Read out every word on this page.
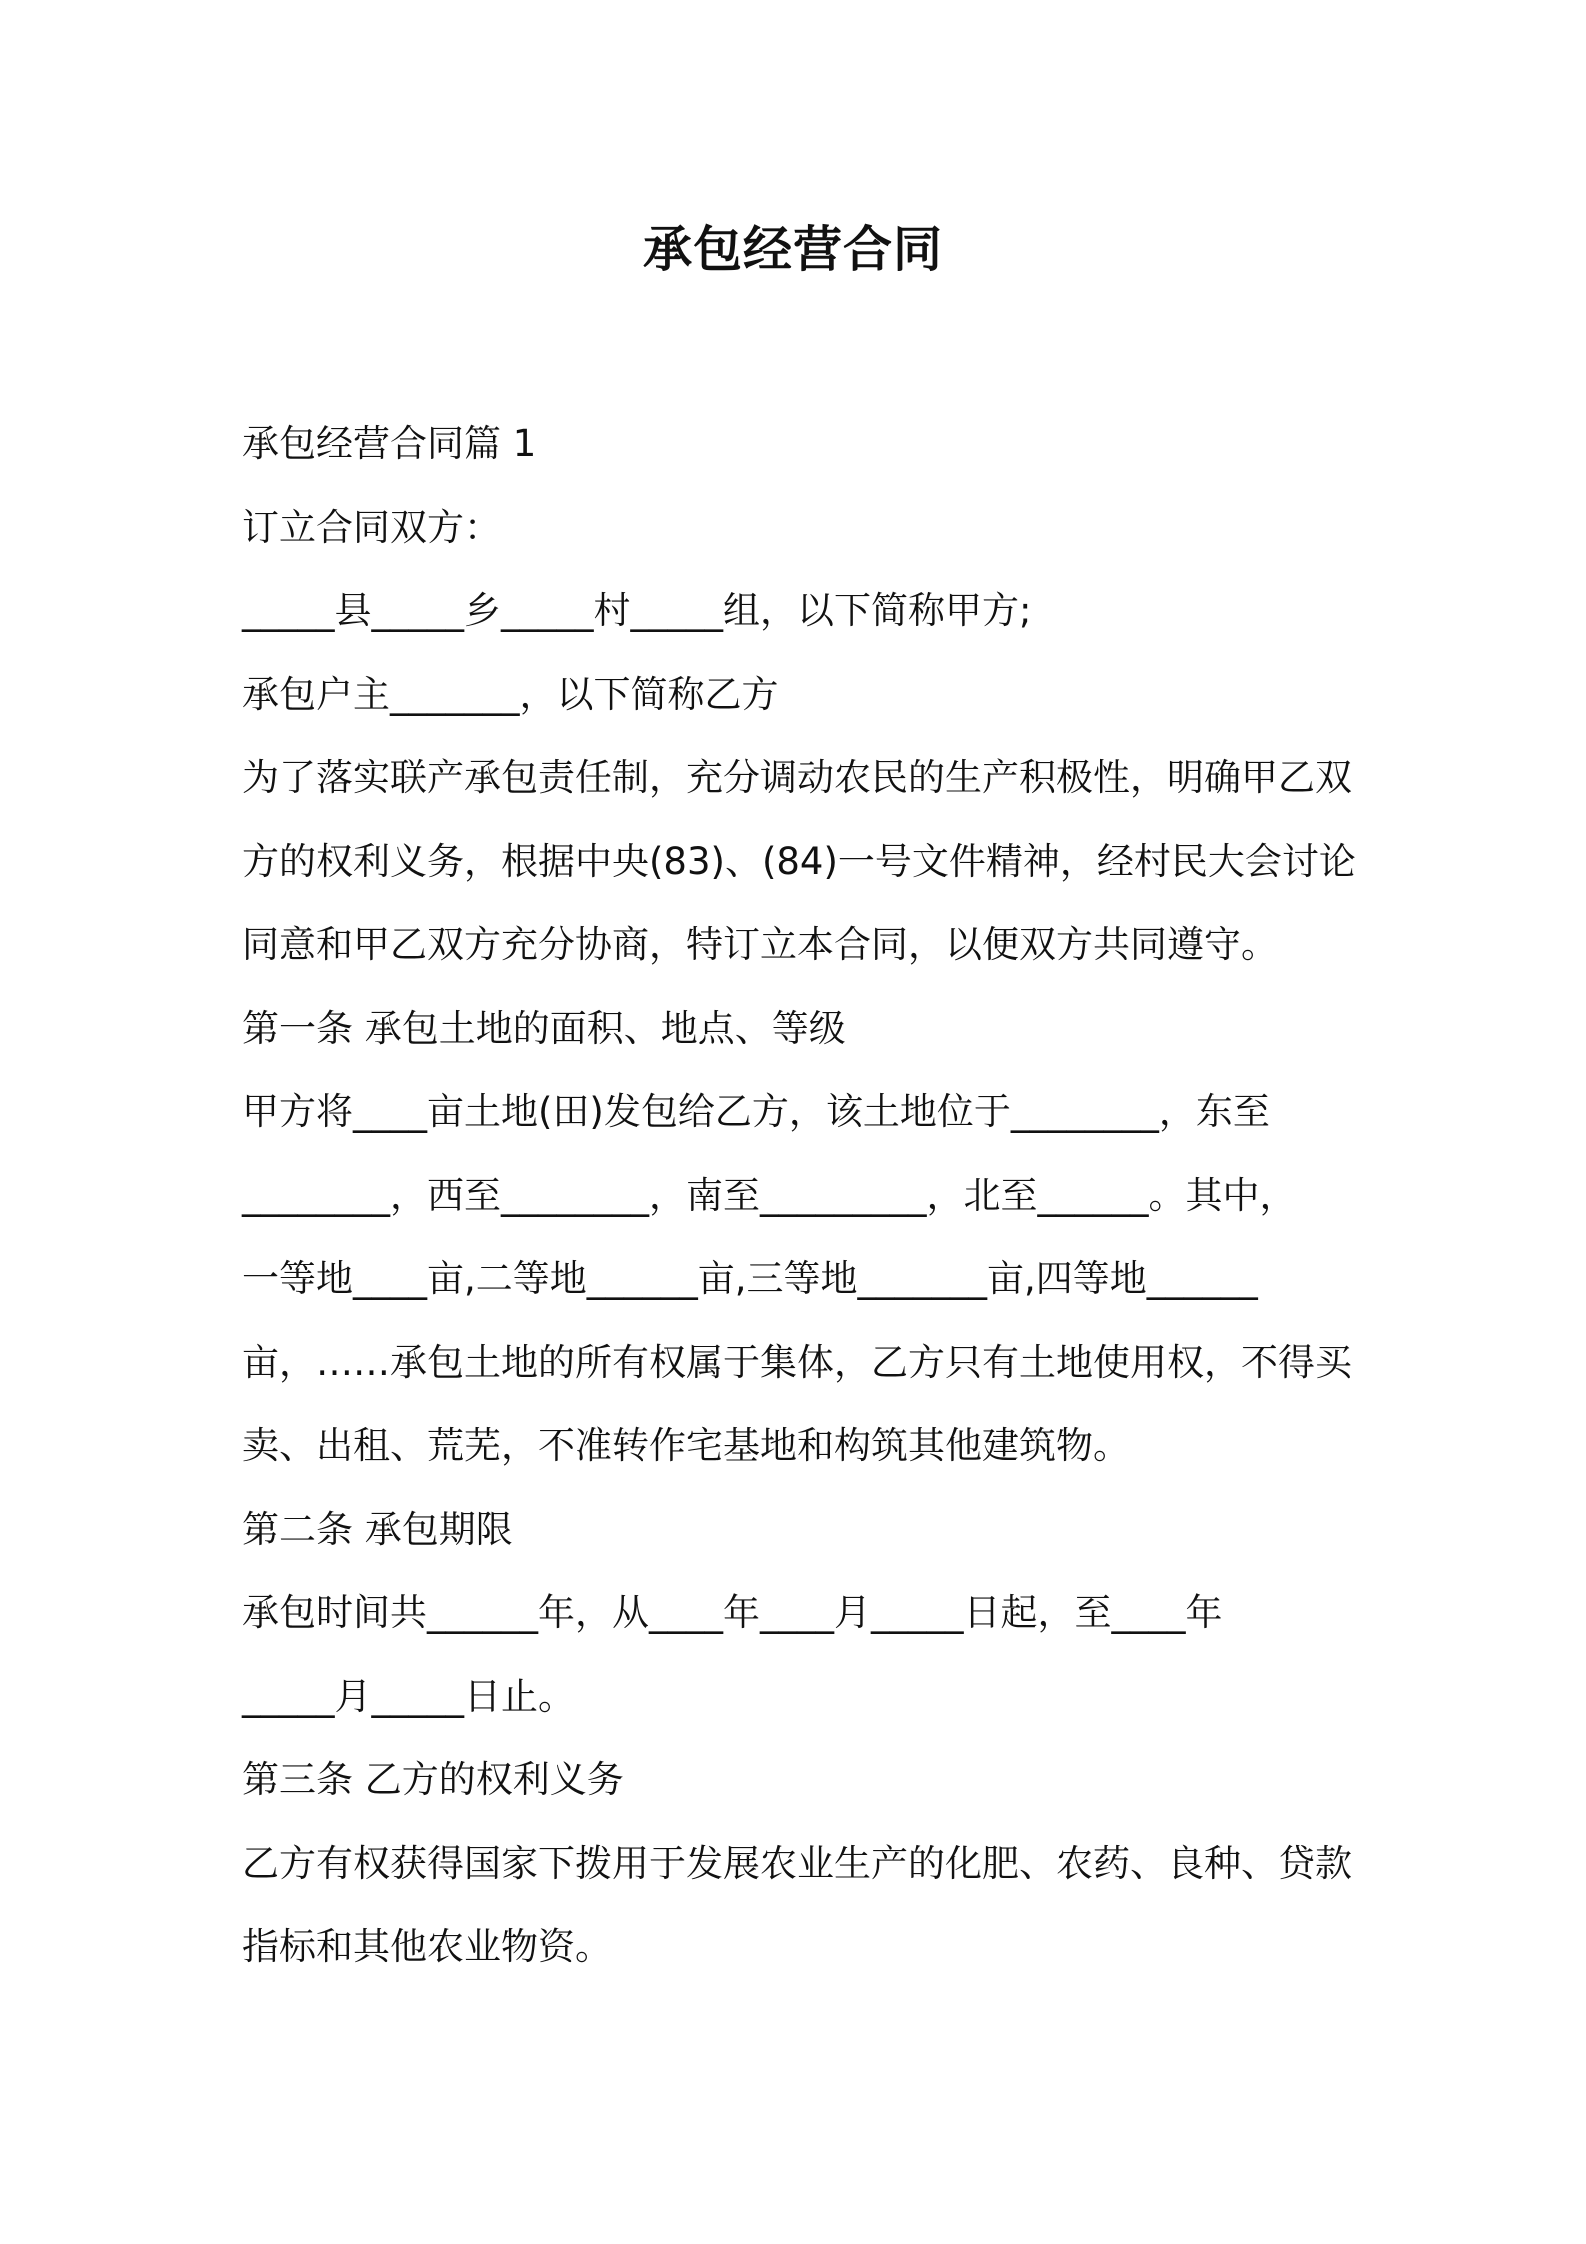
承包经营合同
承包经营合同篇 1
订立合同双方：
_____县_____乡_____村_____组，以下简称甲方;
承包户主_______，以下简称乙方
为了落实联产承包责任制，充分调动农民的生产积极性，明确甲乙双
方的权利义务，根据中央(83)、(84)一号文件精神，经村民大会讨论
同意和甲乙双方充分协商，特订立本合同，以便双方共同遵守。
第一条 承包土地的面积、地点、等级
甲方将____亩土地(田)发包给乙方，该土地位于________，东至
________，西至________，南至_________，北至______。其中，
一等地____亩,二等地______亩,三等地_______亩,四等地______
亩，……承包土地的所有权属于集体，乙方只有土地使用权，不得买
卖、出租、荒芜，不准转作宅基地和构筑其他建筑物。
第二条 承包期限
承包时间共______年，从____年____月_____日起，至____年
_____月_____日止。
第三条 乙方的权利义务
乙方有权获得国家下拨用于发展农业生产的化肥、农药、良种、贷款
指标和其他农业物资。
